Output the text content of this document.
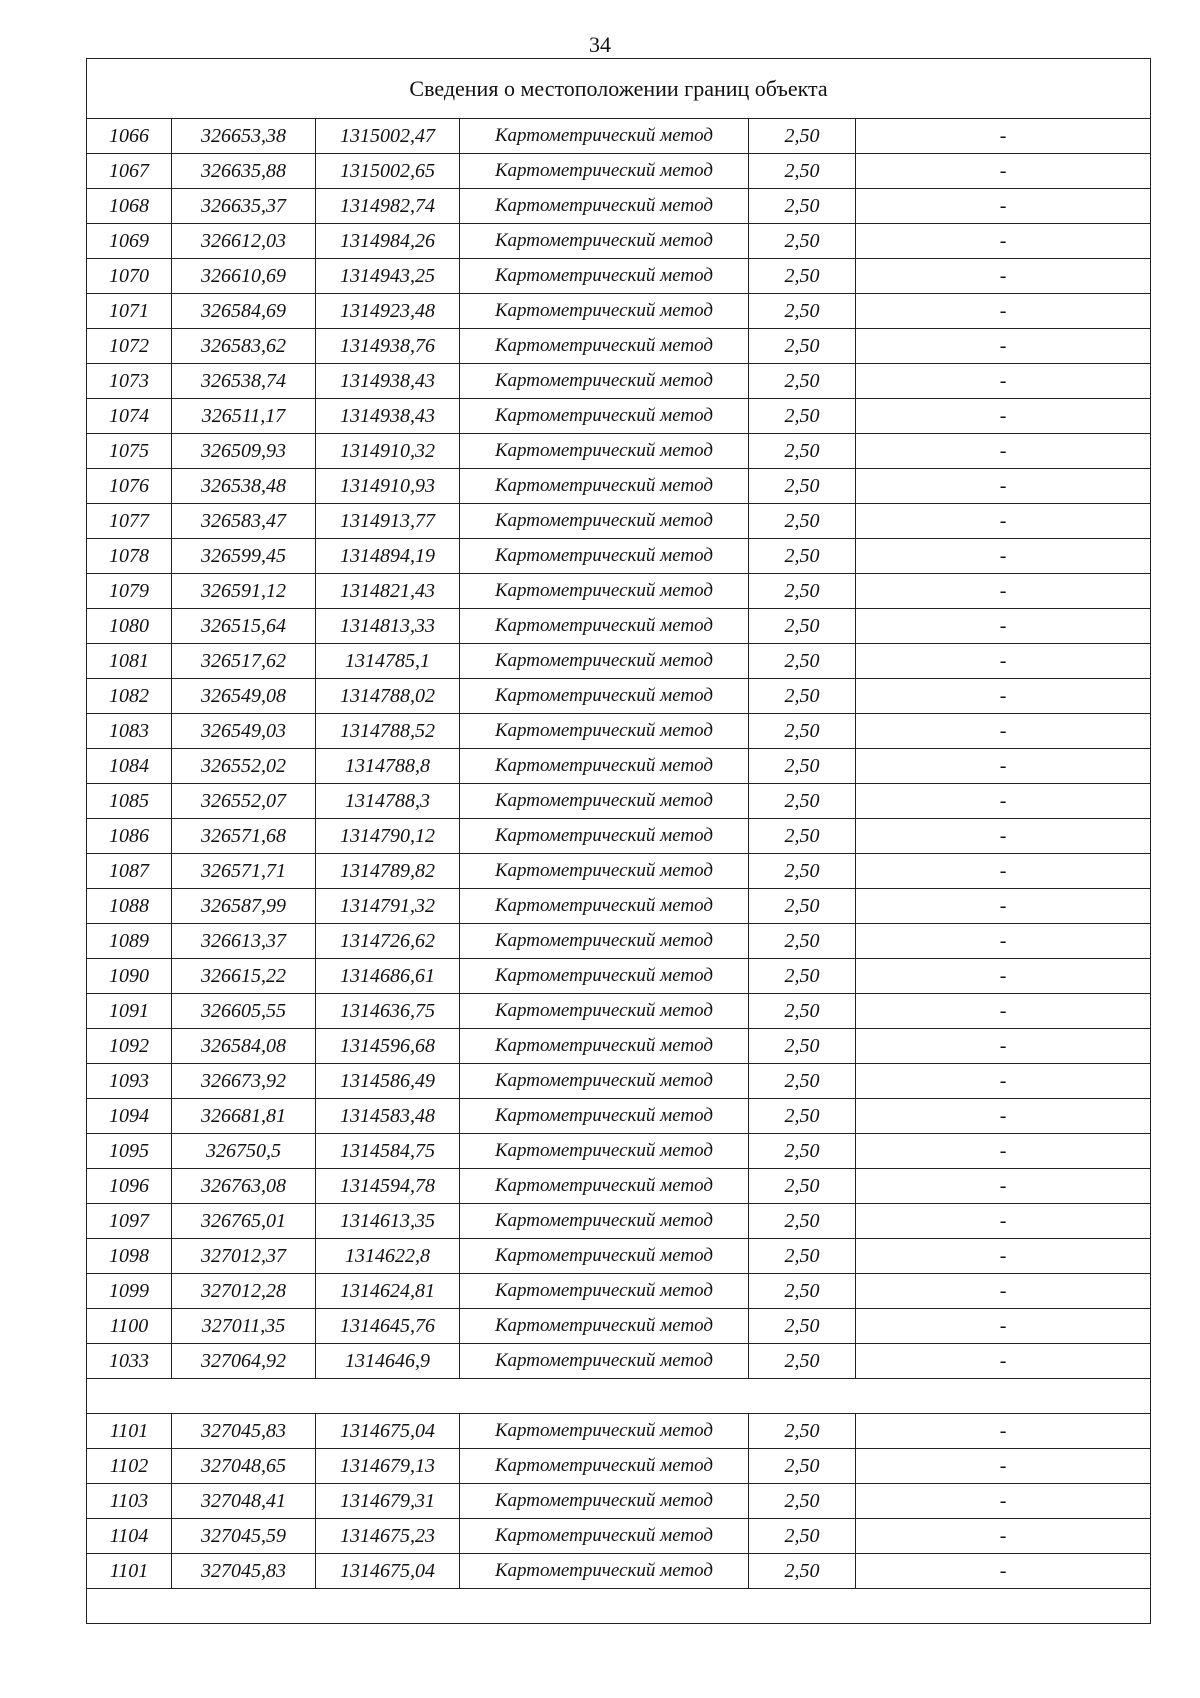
34
Сведения о местоположении границ объекта					
1066	326653,38	1315002,47	Картометрический метод	2,50	-
1067	326635,88	1315002,65	Картометрический метод	2,50	-
1068	326635,37	1314982,74	Картометрический метод	2,50	-
1069	326612,03	1314984,26	Картометрический метод	2,50	-
1070	326610,69	1314943,25	Картометрический метод	2,50	-
1071	326584,69	1314923,48	Картометрический метод	2,50	-
1072	326583,62	1314938,76	Картометрический метод	2,50	-
1073	326538,74	1314938,43	Картометрический метод	2,50	-
1074	326511,17	1314938,43	Картометрический метод	2,50	-
1075	326509,93	1314910,32	Картометрический метод	2,50	-
1076	326538,48	1314910,93	Картометрический метод	2,50	-
1077	326583,47	1314913,77	Картометрический метод	2,50	-
1078	326599,45	1314894,19	Картометрический метод	2,50	-
1079	326591,12	1314821,43	Картометрический метод	2,50	-
1080	326515,64	1314813,33	Картометрический метод	2,50	-
1081	326517,62	1314785,1	Картометрический метод	2,50	-
1082	326549,08	1314788,02	Картометрический метод	2,50	-
1083	326549,03	1314788,52	Картометрический метод	2,50	-
1084	326552,02	1314788,8	Картометрический метод	2,50	-
1085	326552,07	1314788,3	Картометрический метод	2,50	-
1086	326571,68	1314790,12	Картометрический метод	2,50	-
1087	326571,71	1314789,82	Картометрический метод	2,50	-
1088	326587,99	1314791,32	Картометрический метод	2,50	-
1089	326613,37	1314726,62	Картометрический метод	2,50	-
1090	326615,22	1314686,61	Картометрический метод	2,50	-
1091	326605,55	1314636,75	Картометрический метод	2,50	-
1092	326584,08	1314596,68	Картометрический метод	2,50	-
1093	326673,92	1314586,49	Картометрический метод	2,50	-
1094	326681,81	1314583,48	Картометрический метод	2,50	-
1095	326750,5	1314584,75	Картометрический метод	2,50	-
1096	326763,08	1314594,78	Картометрический метод	2,50	-
1097	326765,01	1314613,35	Картометрический метод	2,50	-
1098	327012,37	1314622,8	Картометрический метод	2,50	-
1099	327012,28	1314624,81	Картометрический метод	2,50	-
1100	327011,35	1314645,76	Картометрический метод	2,50	-
1033	327064,92	1314646,9	Картометрический метод	2,50	-

1101	327045,83	1314675,04	Картометрический метод	2,50	-
1102	327048,65	1314679,13	Картометрический метод	2,50	-
1103	327048,41	1314679,31	Картометрический метод	2,50	-
1104	327045,59	1314675,23	Картометрический метод	2,50	-
1101	327045,83	1314675,04	Картометрический метод	2,50	-
